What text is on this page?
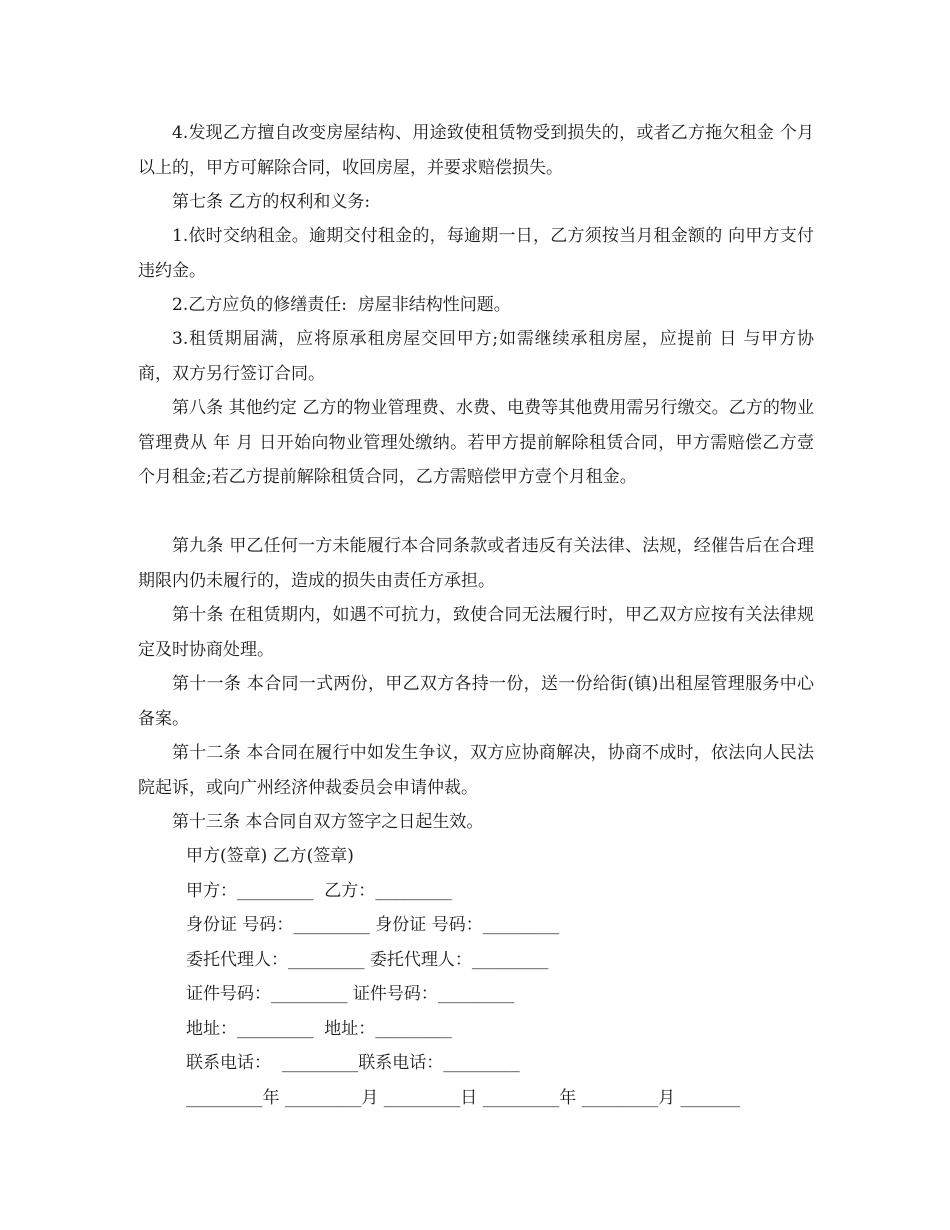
4.发现乙方擅自改变房屋结构、用途致使租赁物受到损失的，或者乙方拖欠租金 个月以上的，甲方可解除合同，收回房屋，并要求赔偿损失。

第七条 乙方的权利和义务:

1.依时交纳租金。逾期交付租金的，每逾期一日，乙方须按当月租金额的 向甲方支付违约金。

2.乙方应负的修缮责任:  房屋非结构性问题。

3.租赁期届满，应将原承租房屋交回甲方;如需继续承租房屋，应提前 日 与甲方协商，双方另行签订合同。

第八条 其他约定 乙方的物业管理费、水费、电费等其他费用需另行缴交。乙方的物业管理费从 年 月 日开始向物业管理处缴纳。若甲方提前解除租赁合同，甲方需赔偿乙方壹个月租金;若乙方提前解除租赁合同，乙方需赔偿甲方壹个月租金。

第九条 甲乙任何一方未能履行本合同条款或者违反有关法律、法规，经催告后在合理期限内仍未履行的，造成的损失由责任方承担。

第十条 在租赁期内，如遇不可抗力，致使合同无法履行时，甲乙双方应按有关法律规定及时协商处理。

第十一条 本合同一式两份，甲乙双方各持一份，送一份给街(镇)出租屋管理服务中心备案。

第十二条 本合同在履行中如发生争议，双方应协商解决，协商不成时，依法向人民法院起诉，或向广州经济仲裁委员会申请仲裁。

第十三条 本合同自双方签字之日起生效。

甲方(签章) 乙方(签章)

甲方：_________  乙方：_________

身份证 号码：_________ 身份证 号码：_________

委托代理人：_________ 委托代理人：_________

证件号码：_________ 证件号码：_________

地址：_________  地址：_________

联系电话：  _________联系电话：_________

_________年 _________月 _________日 _________年 _________月 _______
